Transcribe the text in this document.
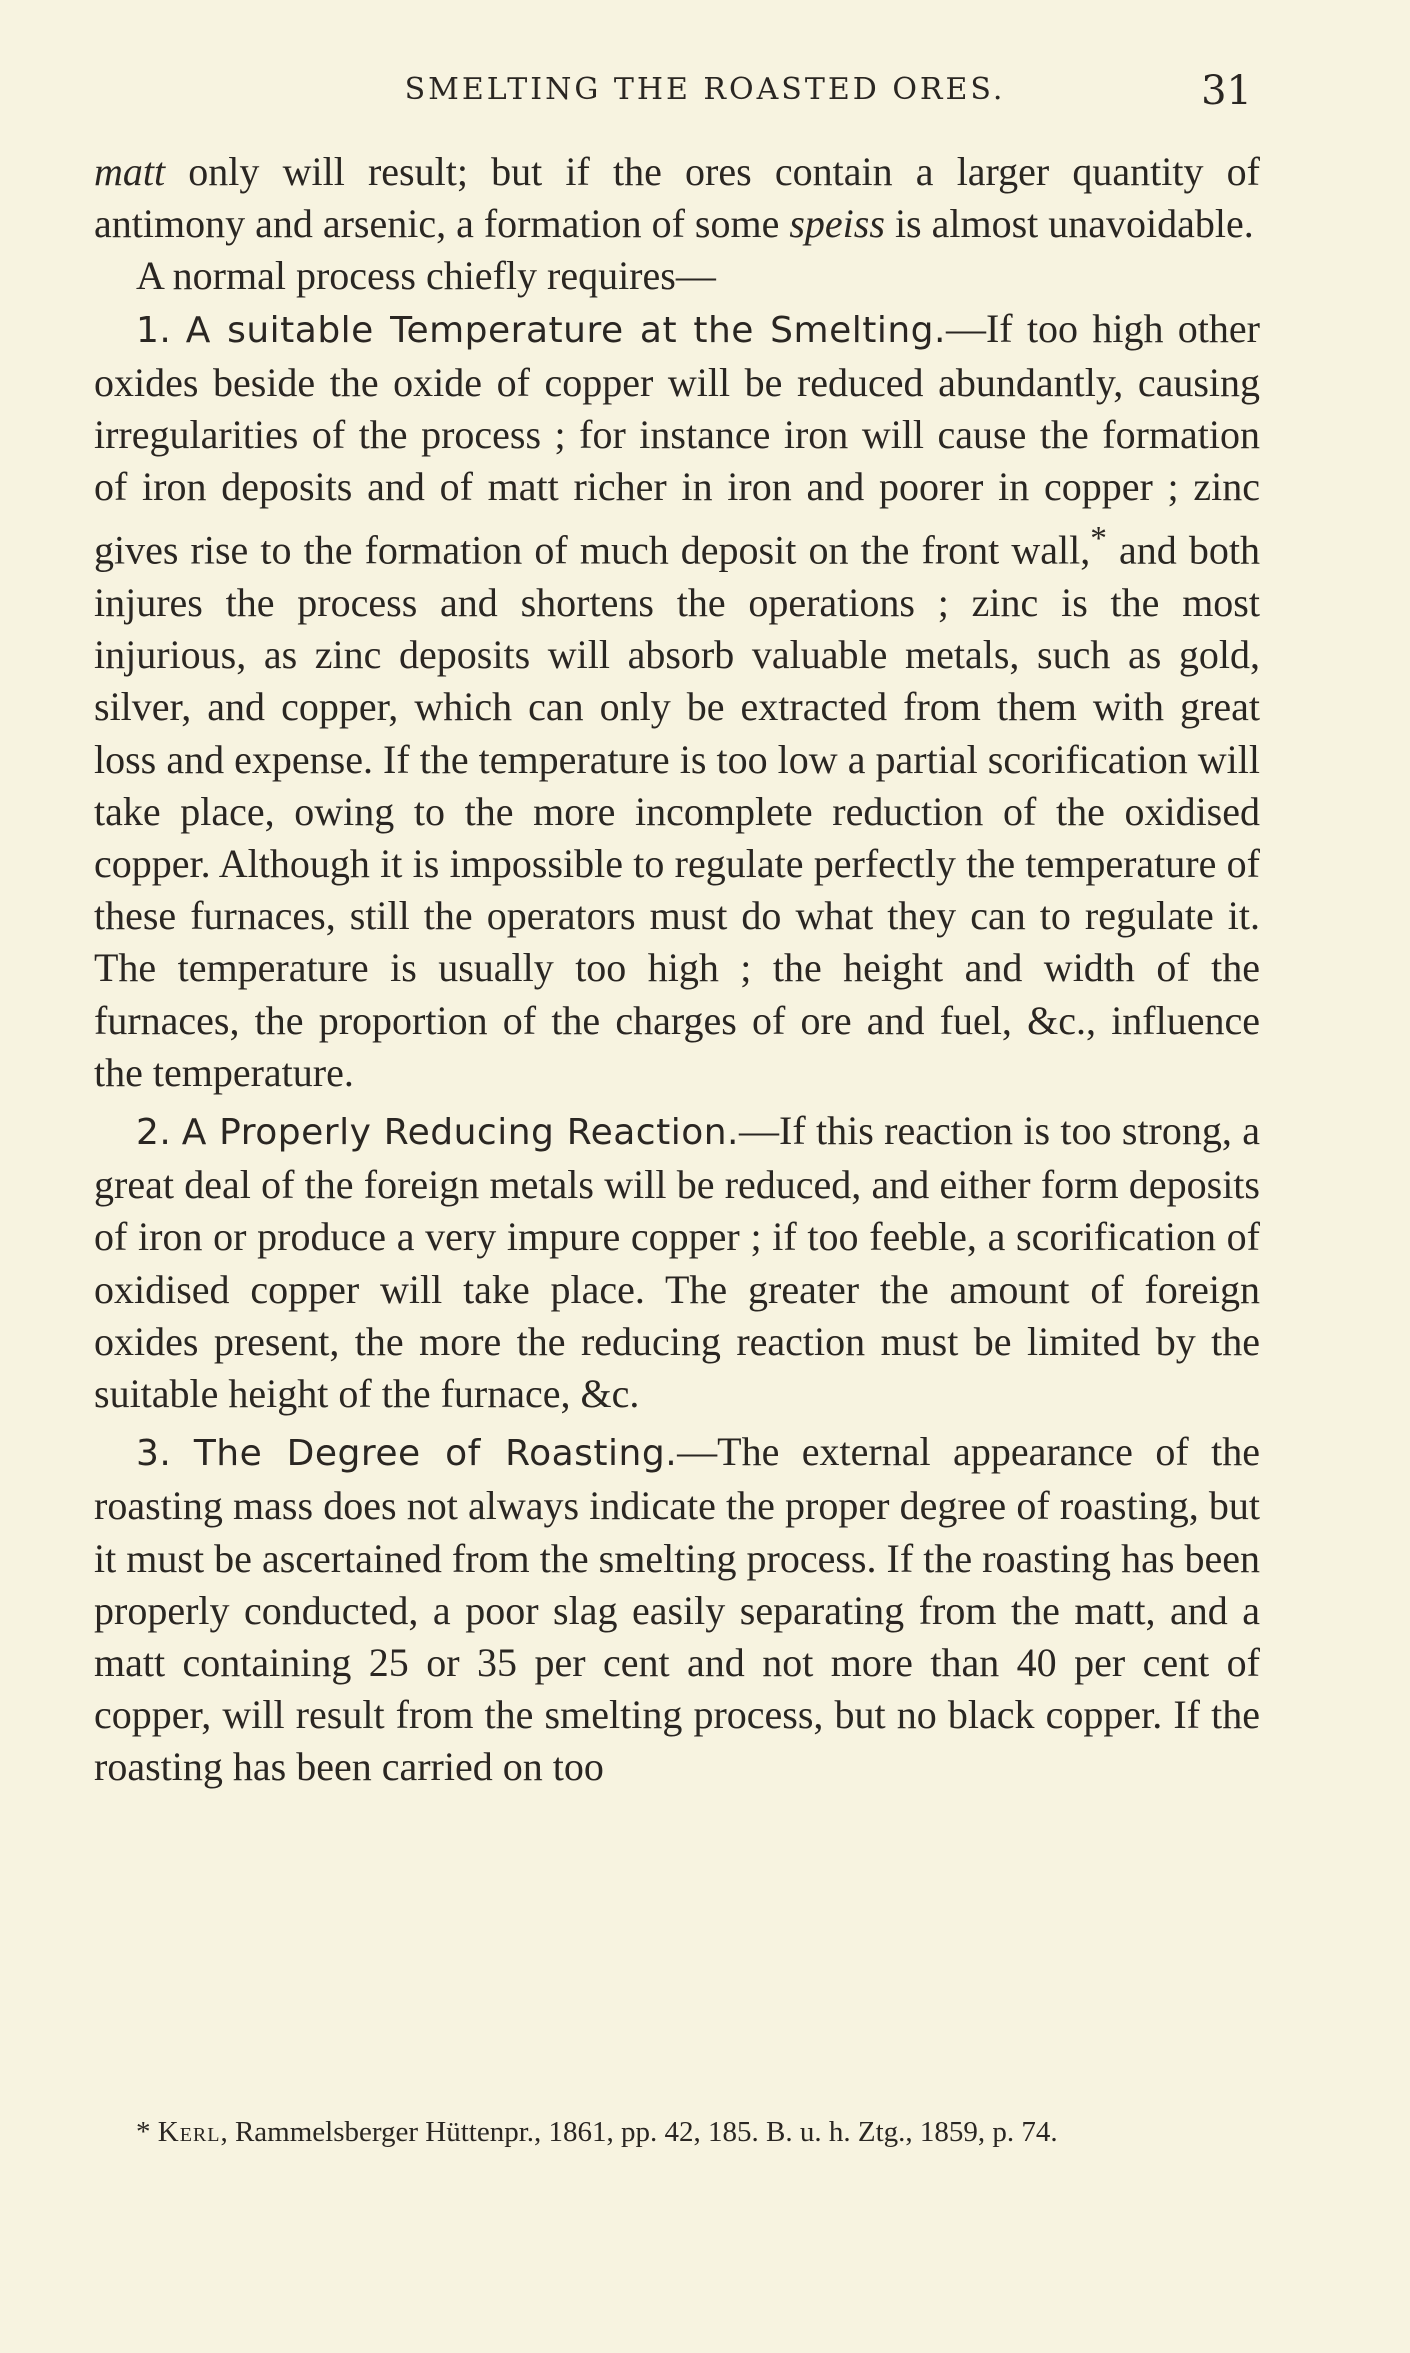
SMELTING THE ROASTED ORES.	31

matt only will result; but if the ores contain a larger quantity of antimony and arsenic, a formation of some speiss is almost unavoidable.

A normal process chiefly requires—

1. A suitable Temperature at the Smelting.—If too high other oxides beside the oxide of copper will be reduced abundantly, causing irregularities of the process ; for instance iron will cause the formation of iron deposits and of matt richer in iron and poorer in copper ; zinc gives rise to the formation of much deposit on the front wall,* and both injures the process and shortens the operations ; zinc is the most injurious, as zinc deposits will absorb valuable metals, such as gold, silver, and copper, which can only be extracted from them with great loss and expense. If the temperature is too low a partial scorification will take place, owing to the more incomplete reduction of the oxidised copper. Although it is impossible to regulate perfectly the temperature of these furnaces, still the operators must do what they can to regulate it. The temperature is usually too high ; the height and width of the furnaces, the proportion of the charges of ore and fuel, &c., influence the temperature.

2. A Properly Reducing Reaction.—If this reaction is too strong, a great deal of the foreign metals will be reduced, and either form deposits of iron or produce a very impure copper ; if too feeble, a scorification of oxidised copper will take place. The greater the amount of foreign oxides present, the more the reducing reaction must be limited by the suitable height of the furnace, &c.

3. The Degree of Roasting.—The external appearance of the roasting mass does not always indicate the proper degree of roasting, but it must be ascertained from the smelting process. If the roasting has been properly conducted, a poor slag easily separating from the matt, and a matt containing 25 or 35 per cent and not more than 40 per cent of copper, will result from the smelting process, but no black copper. If the roasting has been carried on too

* Kerl, Rammelsberger Hüttenpr., 1861, pp. 42, 185. B. u. h. Ztg., 1859, p. 74.
